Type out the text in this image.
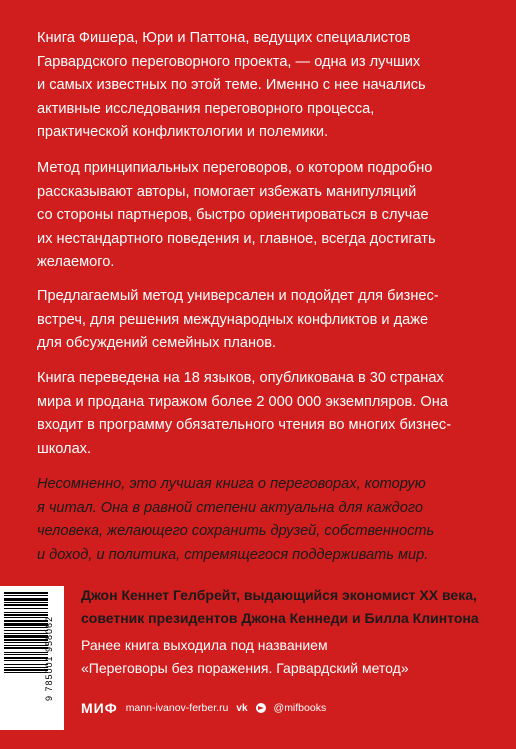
Книга Фишера, Юри и Паттона, ведущих специалистов
Гарвардского переговорного проекта, — одна из лучших
и самых известных по этой теме. Именно с нее начались
активные исследования переговорного процесса,
практической конфликтологии и полемики.

Метод принципиальных переговоров, о котором подробно
рассказывают авторы, помогает избежать манипуляций
со стороны партнеров, быстро ориентироваться в случае
их нестандартного поведения и, главное, всегда достигать
желаемого.

Предлагаемый метод универсален и подойдет для бизнес-
встреч, для решения международных конфликтов и даже
для обсуждений семейных планов.

Книга переведена на 18 языков, опубликована в 30 странах
мира и продана тиражом более 2 000 000 экземпляров. Она
входит в программу обязательного чтения во многих бизнес-
школах.

Несомненно, это лучшая книга о переговорах, которую
я читал. Она в равной степени актуальна для каждого
человека, желающего сохранить друзей, собственность
и доход, и политика, стремящегося поддерживать мир.

Джон Кеннет Гелбрейт, выдающийся экономист XX века,
советник президентов Джона Кеннеди и Билла Клинтона
Ранее книга выходила под названием
«Переговоры без поражения. Гарвардский метод»
9 785001 958062
МИФ mann-ivanov-ferber.ru vk @mifbooks
